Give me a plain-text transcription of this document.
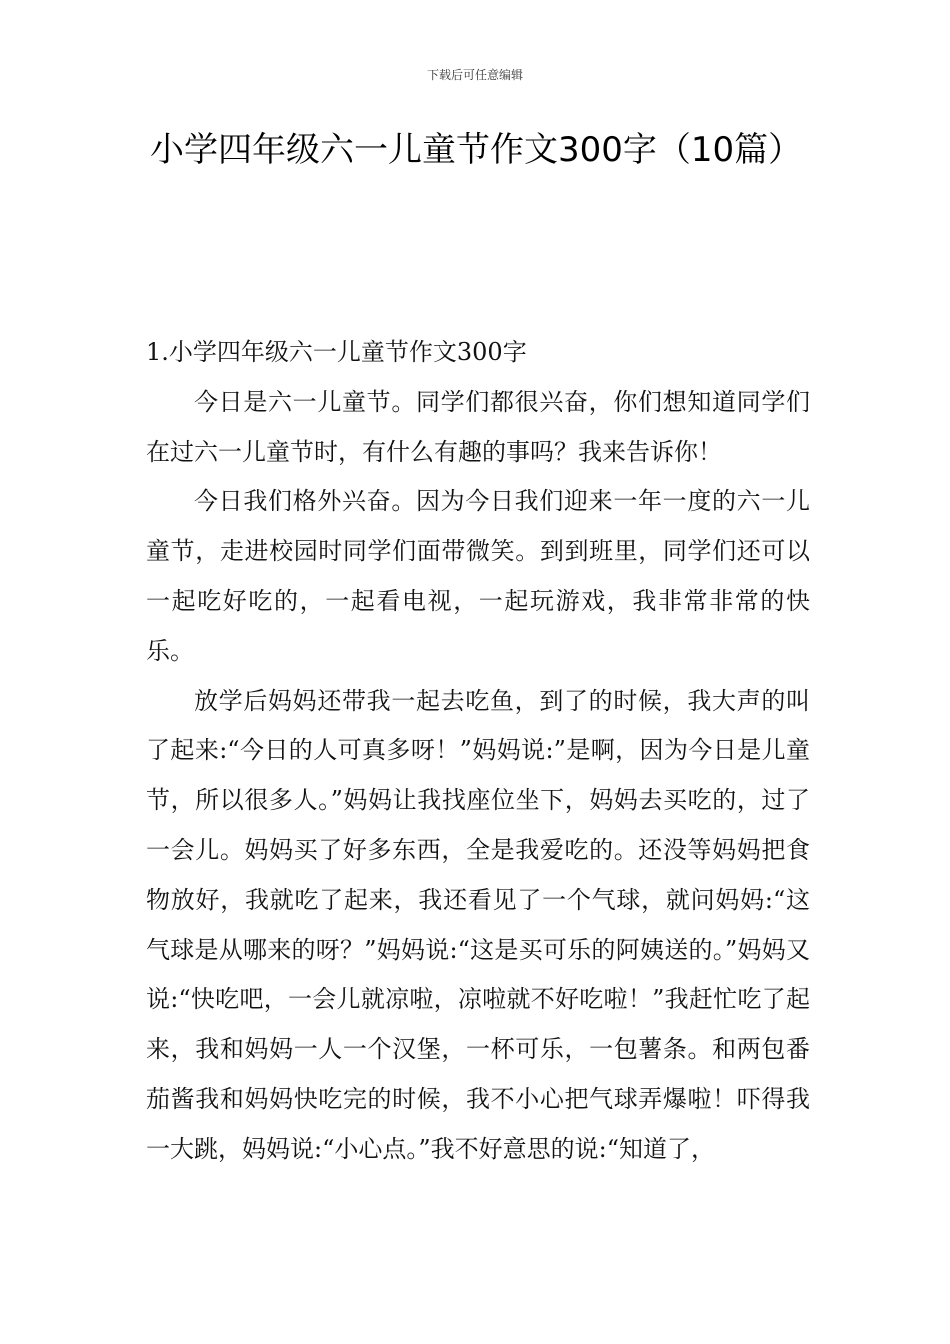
下载后可任意编辑
小学四年级六一儿童节作文300字（10篇）

1.小学四年级六一儿童节作文300字

今日是六一儿童节。同学们都很兴奋，你们想知道同学们在过六一儿童节时，有什么有趣的事吗？我来告诉你！

今日我们格外兴奋。因为今日我们迎来一年一度的六一儿童节，走进校园时同学们面带微笑。到到班里，同学们还可以一起吃好吃的，一起看电视，一起玩游戏，我非常非常的快乐。

放学后妈妈还带我一起去吃鱼，到了的时候，我大声的叫了起来:“今日的人可真多呀！”妈妈说:”是啊，因为今日是儿童节，所以很多人。”妈妈让我找座位坐下，妈妈去买吃的，过了一会儿。妈妈买了好多东西，全是我爱吃的。还没等妈妈把食物放好，我就吃了起来，我还看见了一个气球，就问妈妈:“这气球是从哪来的呀？”妈妈说:“这是买可乐的阿姨送的。”妈妈又说:“快吃吧，一会儿就凉啦，凉啦就不好吃啦！”我赶忙吃了起来，我和妈妈一人一个汉堡，一杯可乐，一包薯条。和两包番茄酱我和妈妈快吃完的时候，我不小心把气球弄爆啦！吓得我一大跳，妈妈说:“小心点。”我不好意思的说:“知道了，
